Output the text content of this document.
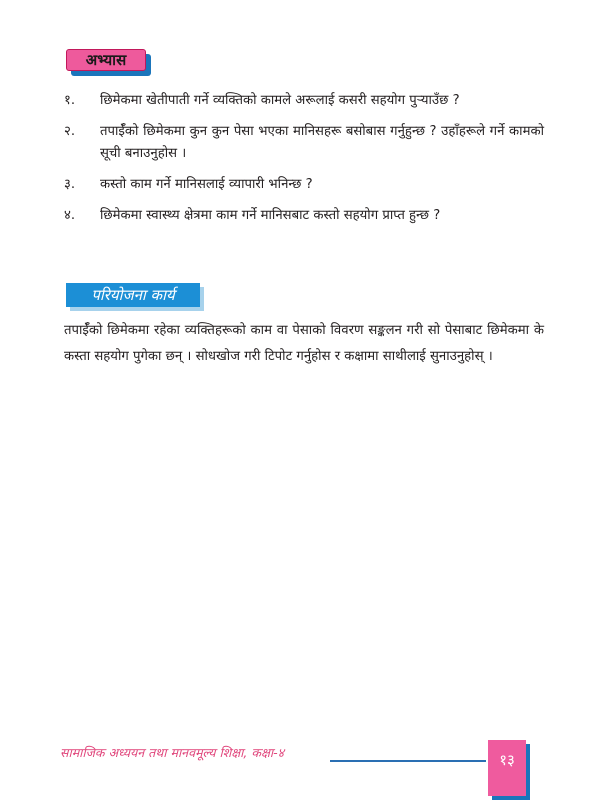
अभ्यास
१.	छिमेकमा खेतीपाती गर्ने व्यक्तिको कामले अरूलाई कसरी सहयोग पुऱ्याउँछ ?
२.	तपाईँको छिमेकमा कुन कुन पेसा भएका मानिसहरू बसोबास गर्नुहुन्छ ? उहाँहरूले गर्ने कामको सूची बनाउनुहोस ।
३.	कस्तो काम गर्ने मानिसलाई व्यापारी भनिन्छ ?
४.	छिमेकमा स्वास्थ्य क्षेत्रमा काम गर्ने मानिसबाट कस्तो सहयोग प्राप्त हुन्छ ?
परियोजना कार्य

तपाईँको छिमेकमा रहेका व्यक्तिहरूको काम वा पेसाको विवरण सङ्कलन गरी सो पेसाबाट छिमेकमा के कस्ता सहयोग पुगेका छन् । सोधखोज गरी टिपोट गर्नुहोस र कक्षामा साथीलाई सुनाउनुहोस् ।

सामाजिक अध्ययन तथा मानवमूल्य शिक्षा, कक्षा-४	१३
